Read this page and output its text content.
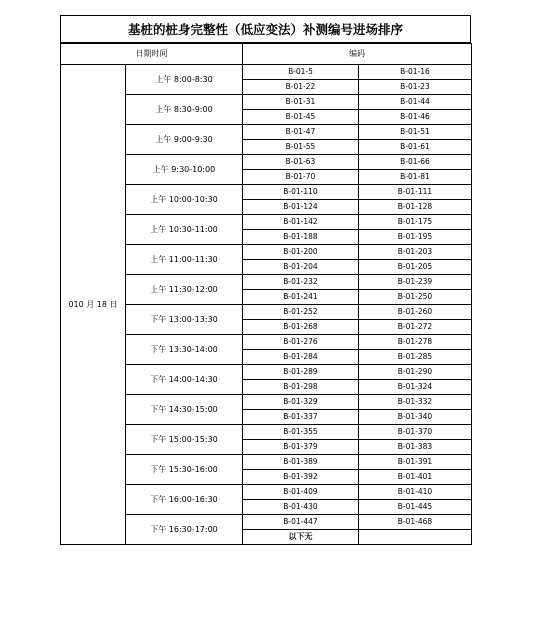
基桩的桩身完整性（低应变法）补测编号进场排序
日期时间		编码	
010 月 18 日	上午 8:00-8:30	B-01-5	B-01-16
		B-01-22	B-01-23
	上午 8:30-9:00	B-01-31	B-01-44
		B-01-45	B-01-46
	上午 9:00-9:30	B-01-47	B-01-51
		B-01-55	B-01-61
	上午 9:30-10:00	B-01-63	B-01-66
		B-01-70	B-01-81
	上午 10:00-10:30	B-01-110	B-01-111
		B-01-124	B-01-128
	上午 10:30-11:00	B-01-142	B-01-175
		B-01-188	B-01-195
	上午 11:00-11:30	B-01-200	B-01-203
		B-01-204	B-01-205
	上午 11:30-12:00	B-01-232	B-01-239
		B-01-241	B-01-250
	下午 13:00-13:30	B-01-252	B-01-260
		B-01-268	B-01-272
	下午 13:30-14:00	B-01-276	B-01-278
		B-01-284	B-01-285
	下午 14:00-14:30	B-01-289	B-01-290
		B-01-298	B-01-324
	下午 14:30-15:00	B-01-329	B-01-332
		B-01-337	B-01-340
	下午 15:00-15:30	B-01-355	B-01-370
		B-01-379	B-01-383
	下午 15:30-16:00	B-01-389	B-01-391
		B-01-392	B-01-401
	下午 16:00-16:30	B-01-409	B-01-410
		B-01-430	B-01-445
	下午 16:30-17:00	B-01-447	B-01-468
		以下无	
